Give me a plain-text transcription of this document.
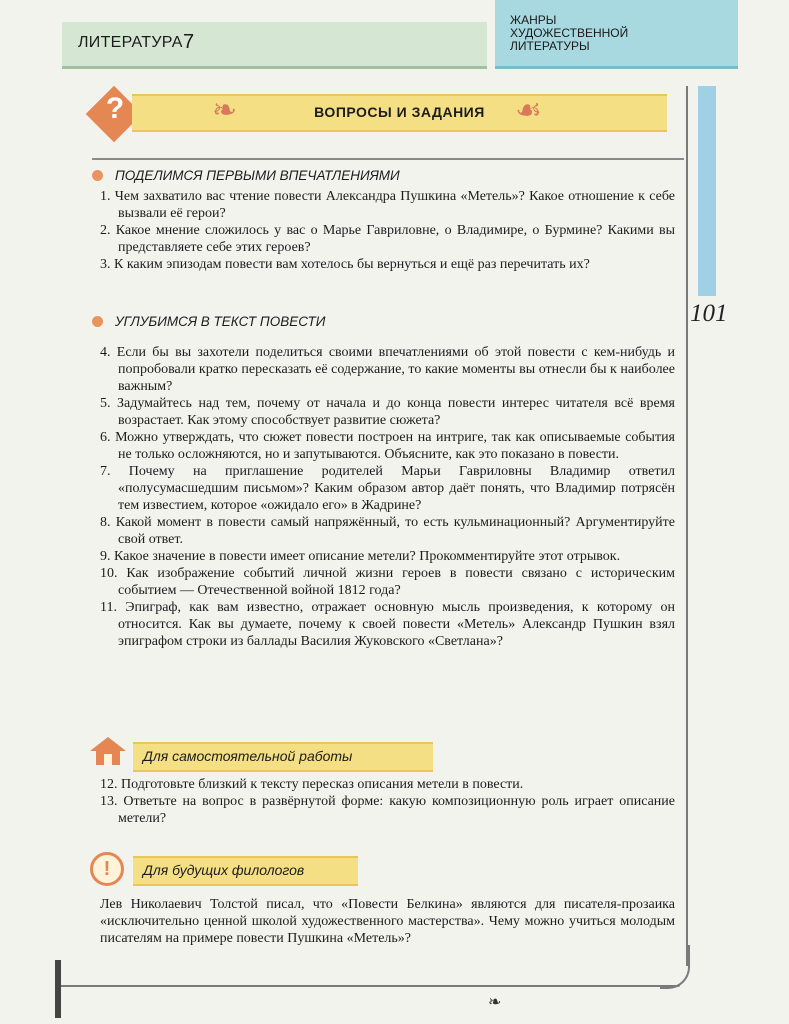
ЛИТЕРАТУРА 7
ЖАНРЫ
ХУДОЖЕСТВЕННОЙ
ЛИТЕРАТУРЫ
101
?	ВОПРОСЫ И ЗАДАНИЯ
❧	☙
ПОДЕЛИМСЯ ПЕРВЫМИ ВПЕЧАТЛЕНИЯМИ
1. Чем захватило вас чтение повести Александра Пушкина «Метель»? Какое отношение к себе вызвали её герои?
2. Какое мнение сложилось у вас о Марье Гавриловне, о Владимире, о Бурмине? Какими вы представляете себе этих героев?
3. К каким эпизодам повести вам хотелось бы вернуться и ещё раз перечитать их?
УГЛУБИМСЯ В ТЕКСТ ПОВЕСТИ
4. Если бы вы захотели поделиться своими впечатлениями об этой повести с кем-нибудь и попробовали кратко пересказать её содержание, то какие моменты вы отнесли бы к наиболее важным?
5. Задумайтесь над тем, почему от начала и до конца повести интерес читателя всё время возрастает. Как этому способствует развитие сюжета?
6. Можно утверждать, что сюжет повести построен на интриге, так как описываемые события не только осложняются, но и запутываются. Объясните, как это показано в повести.
7. Почему на приглашение родителей Марьи Гавриловны Владимир ответил «полусумасшедшим письмом»? Каким образом автор даёт понять, что Владимир потрясён тем известием, которое «ожидало его» в Жадрине?
8. Какой момент в повести самый напряжённый, то есть кульминационный? Аргументируйте свой ответ.
9. Какое значение в повести имеет описание метели? Прокомментируйте этот отрывок.
10. Как изображение событий личной жизни героев в повести связано с историческим событием — Отечественной войной 1812 года?
11. Эпиграф, как вам известно, отражает основную мысль произведения, к которому он относится. Как вы думаете, почему к своей повести «Метель» Александр Пушкин взял эпиграфом строки из баллады Василия Жуковского «Светлана»?
Для самостоятельной работы
12. Подготовьте близкий к тексту пересказ описания метели в повести.
13. Ответьте на вопрос в развёрнутой форме: какую композиционную роль играет описание метели?
!	Для будущих филологов
Лев Николаевич Толстой писал, что «Повести Белкина» являются для писателя-прозаика «исключительно ценной школой художественного мастерства». Чему можно учиться молодым писателям на примере повести Пушкина «Метель»?
❧
